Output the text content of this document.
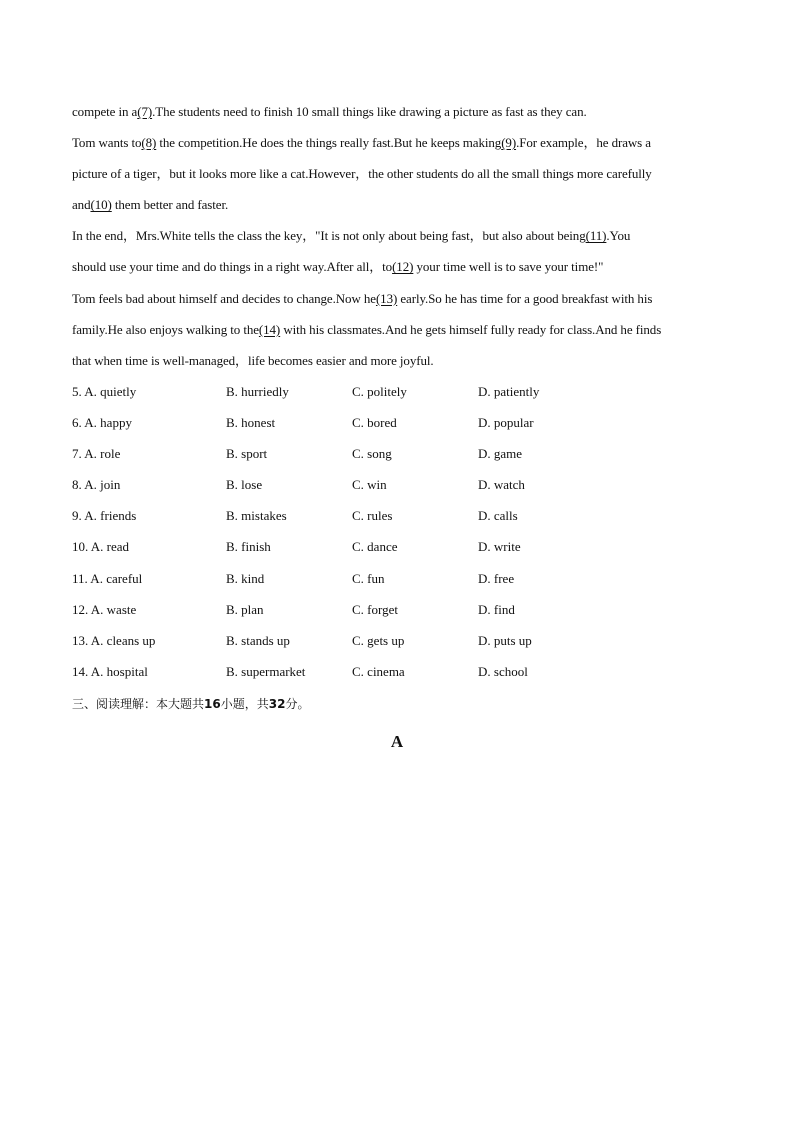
compete in a(7).The students need to finish 10 small things like drawing a picture as fast as they can.
Tom wants to(8) the competition.He does the things really fast.But he keeps making(9).For example，he draws a
picture of a tiger，but it looks more like a cat.However，the other students do all the small things more carefully
and(10) them better and faster.
In the end，Mrs.White tells the class the key，"It is not only about being fast，but also about being(11).You
should use your time and do things in a right way.After all，to(12) your time well is to save your time!"
Tom feels bad about himself and decides to change.Now he(13) early.So he has time for a good breakfast with his
family.He also enjoys walking to the(14) with his classmates.And he gets himself fully ready for class.And he finds
that when time is well-managed，life becomes easier and more joyful.
5. A. quietly	B. hurriedly	C. politely	D. patiently
6. A. happy	B. honest	C. bored	D. popular
7. A. role	B. sport	C. song	D. game
8. A. join	B. lose	C. win	D. watch
9. A. friends	B. mistakes	C. rules	D. calls
10. A. read	B. finish	C. dance	D. write
11. A. careful	B. kind	C. fun	D. free
12. A. waste	B. plan	C. forget	D. find
13. A. cleans up	B. stands up	C. gets up	D. puts up
14. A. hospital	B. supermarket	C. cinema	D. school
三、阅读理解：本大题共16小题，共32分。
A
